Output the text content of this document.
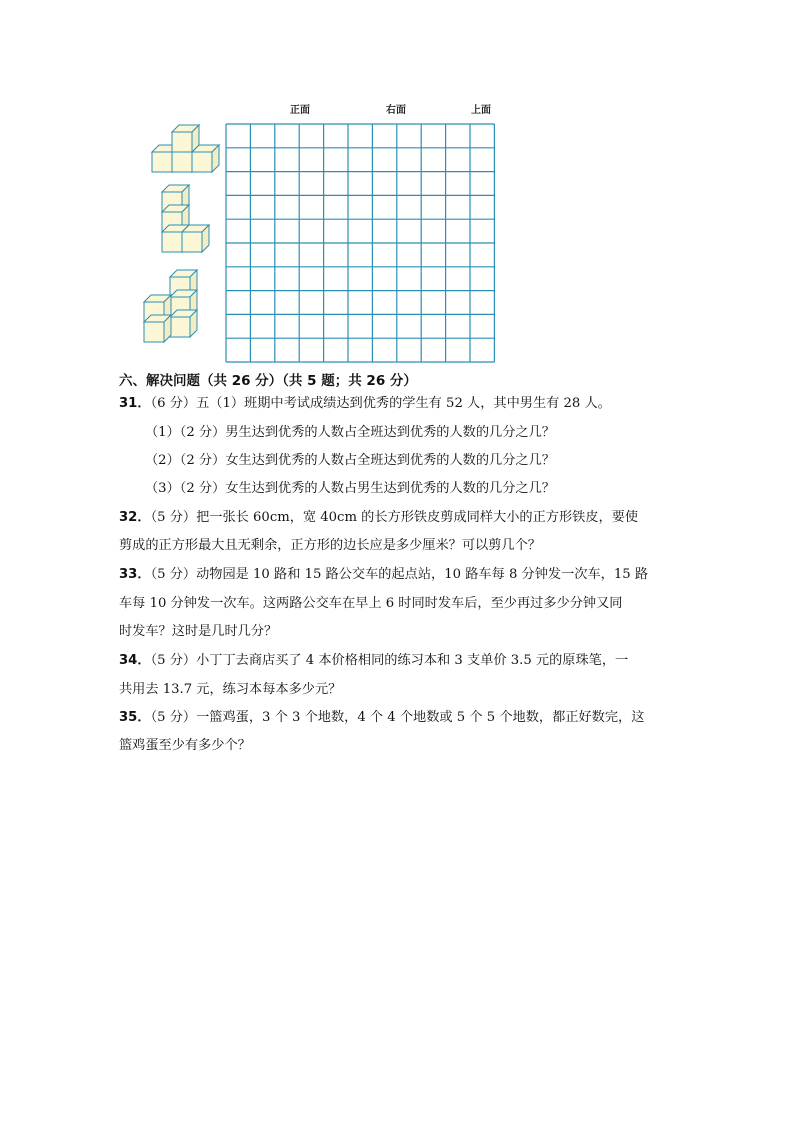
正面	右面	上面
六、解决问题（共 26 分）（共 5 题；共 26 分）
31．（6 分）五（1）班期中考试成绩达到优秀的学生有 52 人，其中男生有 28 人。
（1）（2 分）男生达到优秀的人数占全班达到优秀的人数的几分之几？
（2）（2 分）女生达到优秀的人数占全班达到优秀的人数的几分之几？
（3）（2 分）女生达到优秀的人数占男生达到优秀的人数的几分之几？
32．（5 分）把一张长 60cm，宽 40cm 的长方形铁皮剪成同样大小的正方形铁皮，要使
剪成的正方形最大且无剩余，正方形的边长应是多少厘米？可以剪几个？
33．（5 分）动物园是 10 路和 15 路公交车的起点站，10 路车每 8 分钟发一次车，15 路
车每 10 分钟发一次车。这两路公交车在早上 6 时同时发车后，至少再过多少分钟又同
时发车？这时是几时几分？
34．（5 分）小丁丁去商店买了 4 本价格相同的练习本和 3 支单价 3.5 元的原珠笔，一
共用去 13.7 元，练习本每本多少元？
35．（5 分）一篮鸡蛋，3 个 3 个地数，4 个 4 个地数或 5 个 5 个地数，都正好数完，这
篮鸡蛋至少有多少个？
